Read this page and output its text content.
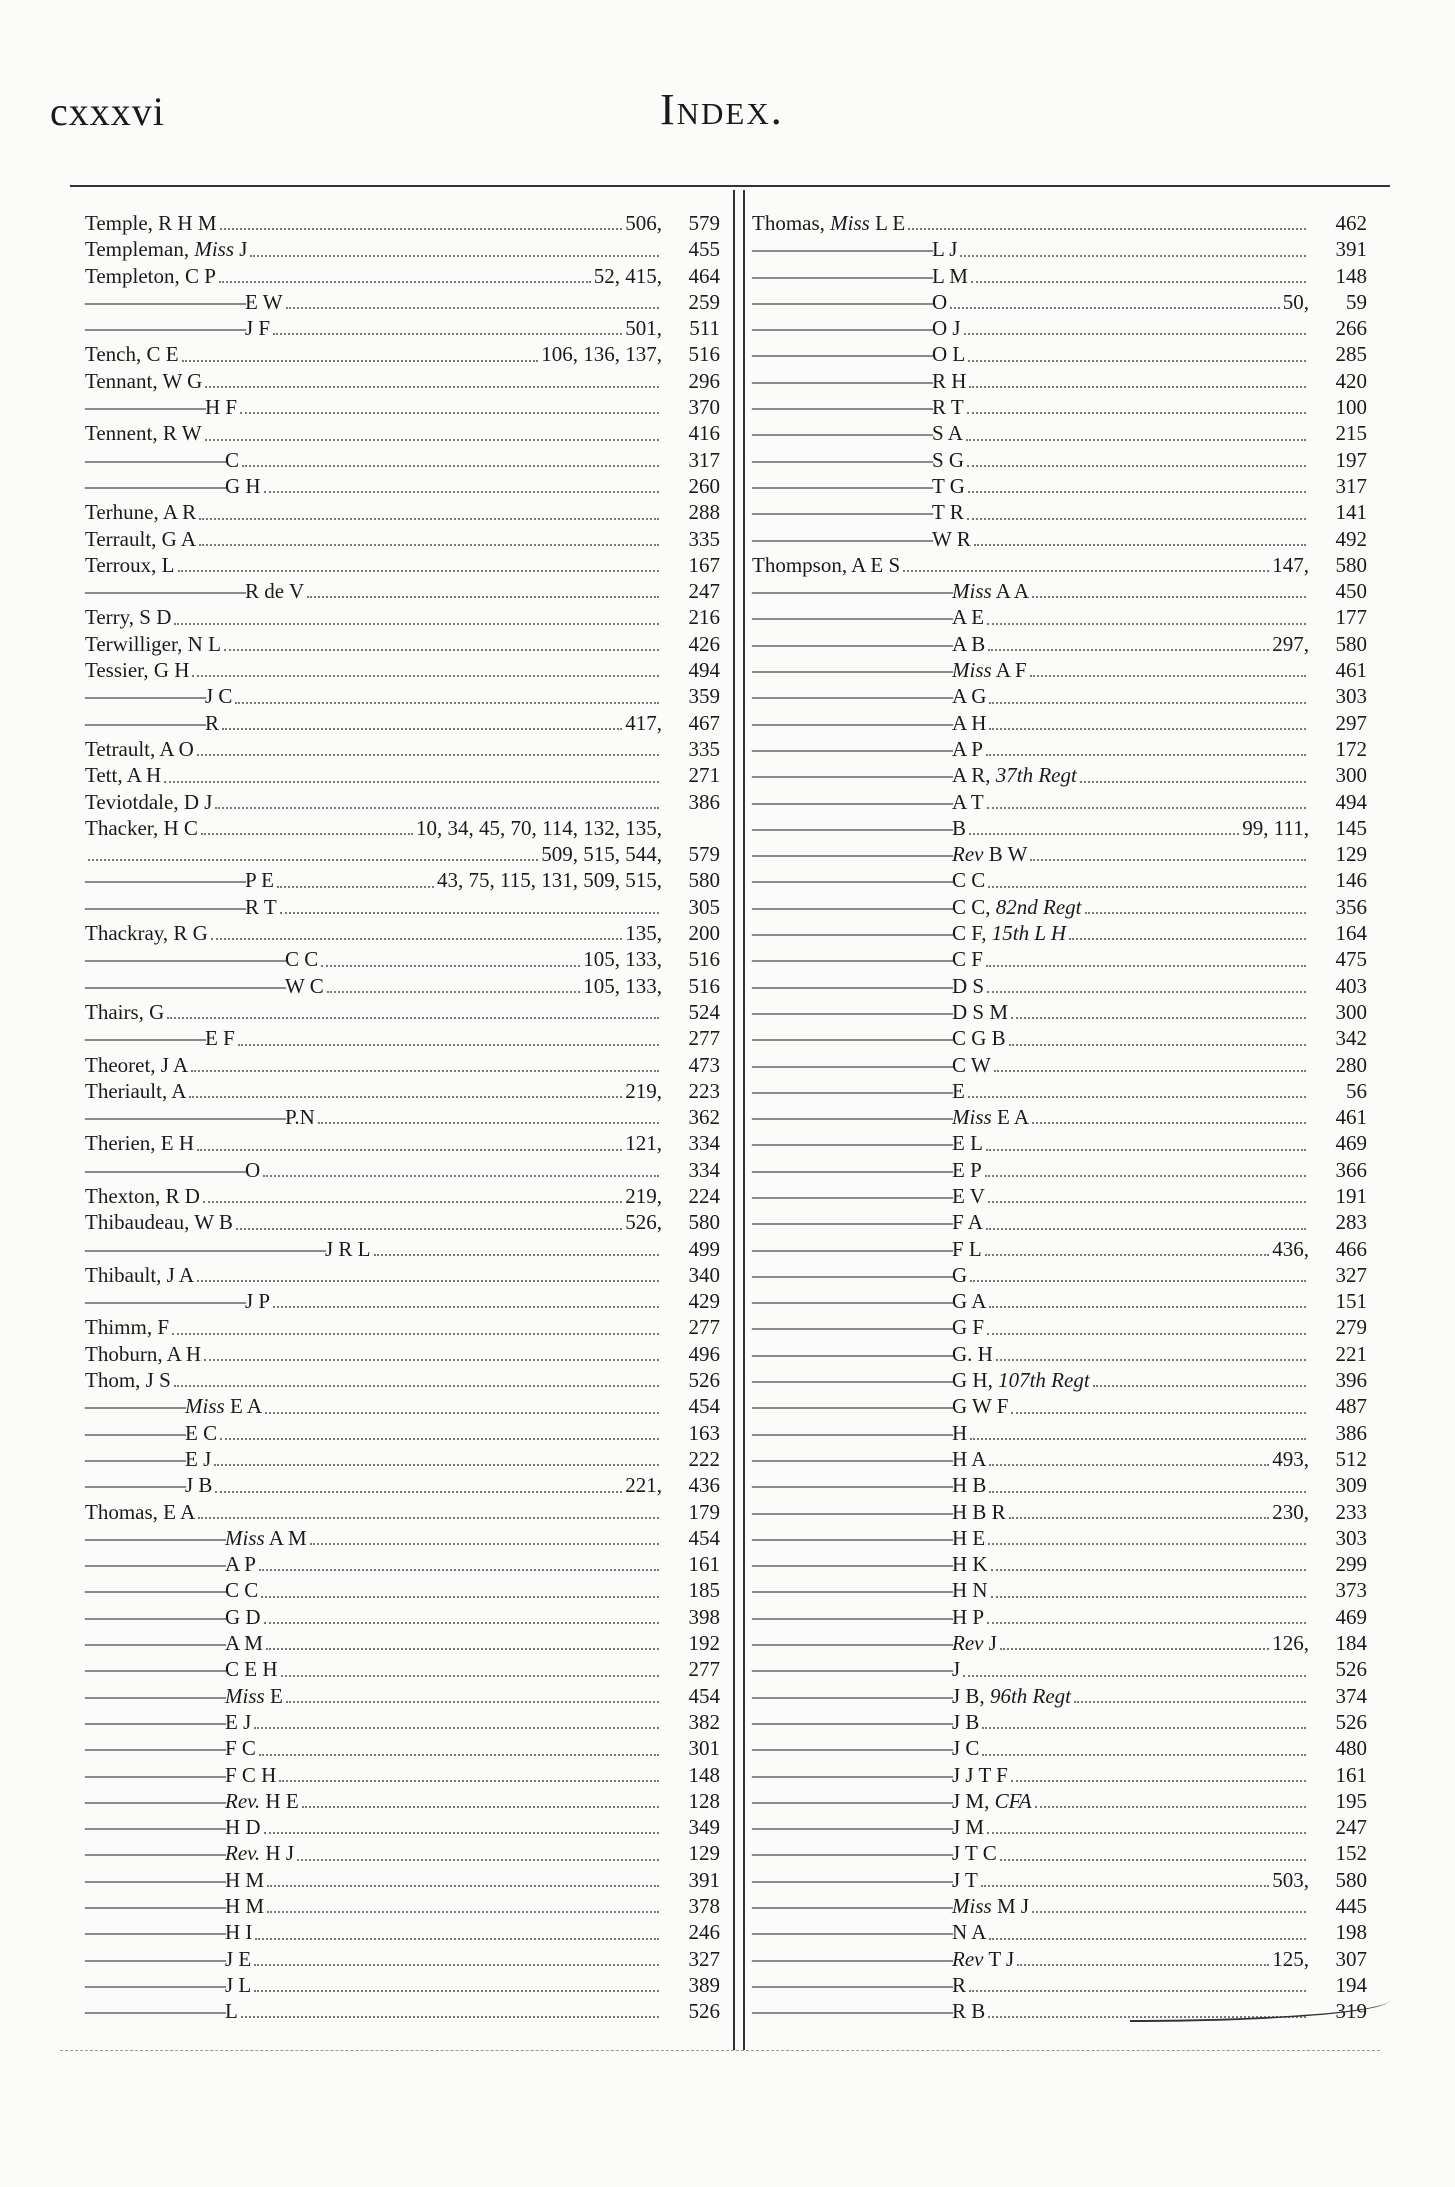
cxxxvi	Index.
Temple, R H M	506,	579
Templeman, Miss J	455
Templeton, C P	52, 415,	464
———————— E W	259
———————— J F	501,	511
Tench, C E	106, 136, 137,	516
Tennant, W G	296
—————— H F	370
Tennent, R W	416
——————— C	317
——————— G H	260
Terhune, A R	288
Terrault, G A	335
Terroux, L	167
———————— R de V	247
Terry, S D	216
Terwilliger, N L	426
Tessier, G H	494
—————— J C	359
—————— R	417,	467
Tetrault, A O	335
Tett, A H	271
Teviotdale, D J	386
Thacker, H C	10, 34, 45, 70, 114, 132, 135,
509, 515, 544,	579
———————— P E	43, 75, 115, 131, 509, 515,	580
———————— R T	305
Thackray, R G	135,	200
—————————— C C	105, 133,	516
—————————— W C	105, 133,	516
Thairs, G	524
—————— E F	277
Theoret, J A	473
Theriault, A	219,	223
—————————— P.N	362
Therien, E H	121,	334
———————— O	334
Thexton, R D	219,	224
Thibaudeau, W B	526,	580
———————————— J R L	499
Thibault, J A	340
———————— J P	429
Thimm, F	277
Thoburn, A H	496
Thom, J S	526
————— Miss E A	454
————— E C	163
————— E J	222
————— J B	221,	436
Thomas, E A	179
——————— Miss A M	454
——————— A P	161
——————— C C	185
——————— G D	398
——————— A M	192
——————— C E H	277
——————— Miss E	454
——————— E J	382
——————— F C	301
——————— F C H	148
——————— Rev. H E	128
——————— H D	349
——————— Rev. H J	129
——————— H M	391
——————— H M	378
——————— H I	246
——————— J E	327
——————— J L	389
——————— L	526
Thomas, Miss L E	462
————————— L J	391
————————— L M	148
————————— O	50,	59
————————— O J	266
————————— O L	285
————————— R H	420
————————— R T	100
————————— S A	215
————————— S G	197
————————— T G	317
————————— T R	141
————————— W R	492
Thompson, A E S	147,	580
—————————— Miss A A	450
—————————— A E	177
—————————— A B	297,	580
—————————— Miss A F	461
—————————— A G	303
—————————— A H	297
—————————— A P	172
—————————— A R, 37th Regt	300
—————————— A T	494
—————————— B	99, 111,	145
—————————— Rev B W	129
—————————— C C	146
—————————— C C, 82nd Regt	356
—————————— C F, 15th L H	164
—————————— C F	475
—————————— D S	403
—————————— D S M	300
—————————— C G B	342
—————————— C W	280
—————————— E	56
—————————— Miss E A	461
—————————— E L	469
—————————— E P	366
—————————— E V	191
—————————— F A	283
—————————— F L	436,	466
—————————— G	327
—————————— G A	151
—————————— G F	279
—————————— G. H	221
—————————— G H, 107th Regt	396
—————————— G W F	487
—————————— H	386
—————————— H A	493,	512
—————————— H B	309
—————————— H B R	230,	233
—————————— H E	303
—————————— H K	299
—————————— H N	373
—————————— H P	469
—————————— Rev J	126,	184
—————————— J	526
—————————— J B, 96th Regt	374
—————————— J B	526
—————————— J C	480
—————————— J J T F	161
—————————— J M, CFA	195
—————————— J M	247
—————————— J T C	152
—————————— J T	503,	580
—————————— Miss M J	445
—————————— N A	198
—————————— Rev T J	125,	307
—————————— R	194
—————————— R B	319
